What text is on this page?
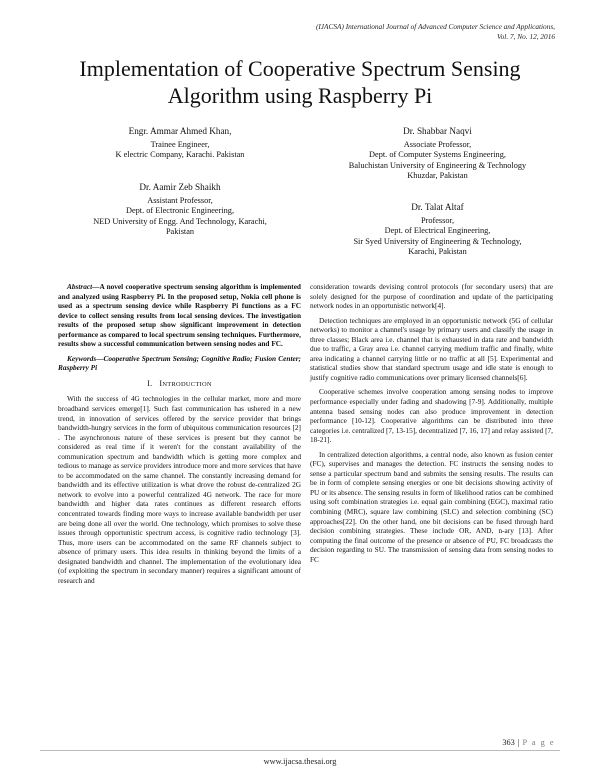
(IJACSA) International Journal of Advanced Computer Science and Applications,
Vol. 7, No. 12, 2016
Implementation of Cooperative Spectrum Sensing
Algorithm using Raspberry Pi
Engr. Ammar Ahmed Khan,
Trainee Engineer,
K electric Company, Karachi. Pakistan
Dr. Shabbar Naqvi
Associate Professor,
Dept. of Computer Systems Engineering,
Baluchistan University of Engineering & Technology
Khuzdar, Pakistan
Dr. Aamir Zeb Shaikh
Assistant Professor,
Dept. of Electronic Engineering,
NED University of Engg. And Technology, Karachi,
Pakistan
Dr. Talat Altaf
Professor,
Dept. of Electrical Engineering,
Sir Syed University of Engineering & Technology,
Karachi, Pakistan

Abstract—A novel cooperative spectrum sensing algorithm is implemented and analyzed using Raspberry Pi. In the proposed setup, Nokia cell phone is used as a spectrum sensing device while Raspberry Pi functions as a FC device to collect sensing results from local sensing devices. The investigation results of the proposed setup show significant improvement in detection performance as compared to local spectrum sensing techniques. Furthermore, results show a successful communication between sensing nodes and FC.

Keywords—Cooperative Spectrum Sensing; Cognitive Radio; Fusion Center; Raspberry Pi

I. INTRODUCTION

With the success of 4G technologies in the cellular market, more and more broadband services emerge[1]. Such fast communication has ushered in a new trend, in innovation of services offered by the service provider that brings bandwidth-hungry services in the form of ubiquitous communication resources [2] . The asynchronous nature of these services is present but they cannot be considered as real time if it weren't for the constant availability of the communication spectrum and bandwidth which is getting more complex and tedious to manage as service providers introduce more and more services that have to be accommodated on the same channel. The constantly increasing demand for bandwidth and its effective utilization is what drove the robust de-centralized 2G network to evolve into a powerful centralized 4G network. The race for more bandwidth and higher data rates continues as different research efforts concentrated towards finding more ways to increase available bandwidth per user are being done all over the world. One technology, which promises to solve these issues through opportunistic spectrum access, is cognitive radio technology [3]. Thus, more users can be accommodated on the same RF channels subject to absence of primary users. This idea results in thinking beyond the limits of a designated bandwidth and channel. The implementation of the evolutionary idea (of exploiting the spectrum in secondary manner) requires a significant amount of research and

consideration towards devising control protocols (for secondary users) that are solely designed for the purpose of coordination and update of the participating network nodes in an opportunistic network[4].

Detection techniques are employed in an opportunistic network (5G of cellular networks) to monitor a channel's usage by primary users and classify the usage in three classes; Black area i.e. channel that is exhausted in data rate and bandwidth due to traffic, a Gray area i.e. channel carrying medium traffic and finally, white area indicating a channel carrying little or no traffic at all [5]. Experimental and statistical studies show that standard spectrum usage and idle state is enough to justify cognitive radio communications over primary licensed channels[6].

Cooperative schemes involve cooperation among sensing nodes to improve performance especially under fading and shadowing [7-9]. Additionally, multiple antenna based sensing nodes can also produce improvement in detection performance [10-12]. Cooperative algorithms can be distributed into three categories i.e. centralized [7, 13-15], decentralized [7, 16, 17] and relay assisted [7, 18-21].

In centralized detection algorithms, a central node, also known as fusion center (FC), supervises and manages the detection. FC instructs the sensing nodes to sense a particular spectrum band and submits the sensing results. The results can be in form of complete sensing energies or one bit decisions showing activity of PU or its absence. The sensing results in form of likelihood ratios can be combined using soft combination strategies i.e. equal gain combining (EGC), maximal ratio combining (MRC), square law combining (SLC) and selection combining (SC) approaches[22]. On the other hand, one bit decisions can be fused through hard decision combining strategies. These include OR, AND, n-ary [13]. After computing the final outcome of the presence or absence of PU, FC broadcasts the decision regarding to SU. The transmission of sensing data from sensing nodes to FC

363 | P a g e
www.ijacsa.thesai.org
